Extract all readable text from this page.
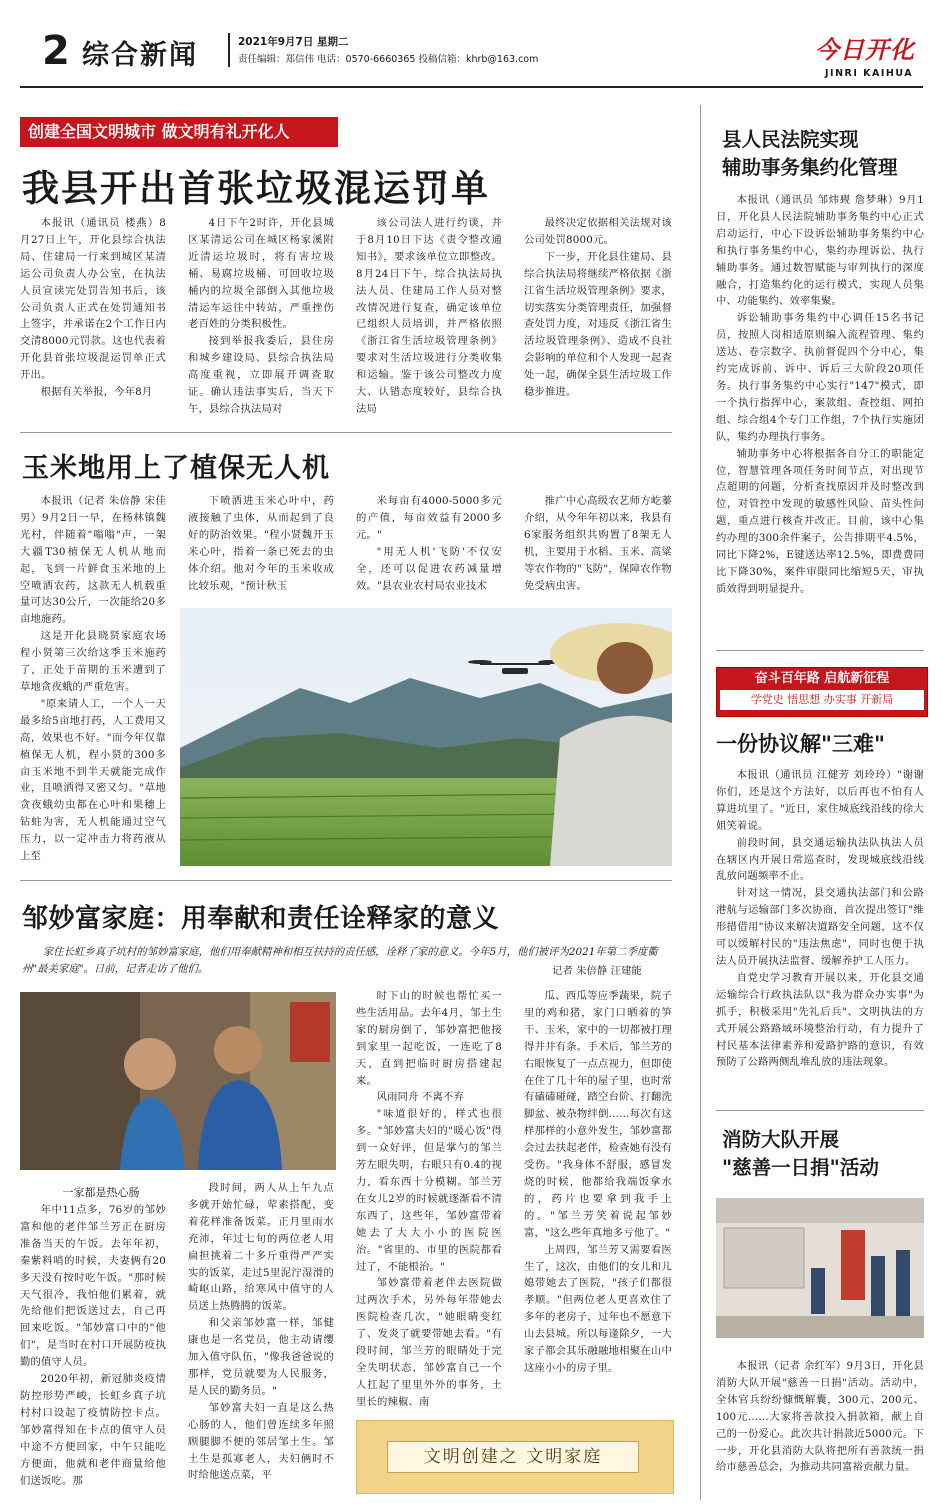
2 综合新闻	2021年9月7日 星期二
责任编辑：郑信伟 电话：0570-6660365 投稿信箱：khrb@163.com	今日开化
JINRI KAIHUA
创建全国文明城市 做文明有礼开化人
我县开出首张垃圾混运罚单

本报讯（通讯员 楼燕）8月27日上午，开化县综合执法局、住建局一行来到城区某清运公司负责人办公室，在执法人员宣读完处罚告知书后，该公司负责人正式在处罚通知书上签字，并承诺在2个工作日内交清8000元罚款。这也代表着开化县首张垃圾混运罚单正式开出。

根据有关举报，今年8月

4日下午2时许，开化县城区某清运公司在城区杨家溪附近清运垃圾时，将有害垃圾桶、易腐垃圾桶、可回收垃圾桶内的垃圾全部倒入其他垃圾清运车运往中转站，严重挫伤老百姓的分类积极性。

接到举报我委后，县住房和城乡建设局、县综合执法局高度重视，立即展开调查取证。确认违法事实后，当天下午，县综合执法局对

该公司法人进行约谈，并于8月10日下达《责令整改通知书》，要求该单位立即整改。8月24日下午，综合执法局执法人员、住建局工作人员对整改情况进行复查，确定该单位已组织人员培训，并严格依照《浙江省生活垃圾管理条例》要求对生活垃圾进行分类收集和运输。鉴于该公司整改力度大、认错态度较好，县综合执法局

最终决定依据相关法规对该公司处罚8000元。

下一步，开化县住建局、县综合执法局将继续严格依据《浙江省生活垃圾管理条例》要求，切实落实分类管理责任，加强督查处罚力度，对违反《浙江省生活垃圾管理条例》、造成不良社会影响的单位和个人发现一起查处一起，确保全县生活垃圾工作稳步推进。

玉米地用上了植保无人机

本报讯（记者 朱倍静 宋佳男）9月2日一早，在杨林镇魏光村，伴随着"嗡嗡"声，一架大疆T30植保无人机从地而起，飞到一片鲜食玉米地的上空喷洒农药，这款无人机载重量可达30公斤，一次能给20多亩地施药。

这是开化县晓贤家庭农场程小贤第三次给这季玉米施药了，正处于苗期的玉米遭到了草地贪夜蛾的严重危害。

"原来请人工，一个人一天最多给5亩地打药，人工费用又高，效果也不好。"而今年仅靠植保无人机，程小贤的300多亩玉米地不到半天就能完成作业，且喷洒得又密又匀。"草地贪夜蛾幼虫都在心叶和果穗上钻蛀为害，无人机能通过空气压力，以一定冲击力将药液从上至

下喷洒进玉米心叶中，药液接触了虫体，从而起到了良好的防治效果。"程小贤魏开玉米心叶，指着一条已死去的虫体介绍。他对今年的玉米收成比较乐观，"预计秋玉

米每亩有4000-5000多元的产值，每亩效益有2000多元。"

"用无人机'飞防'不仅安全，还可以促进农药减量增效。"县农业农村局农业技术

推广中心高级农艺师方屹蓁介绍，从今年年初以来，我县有6家服务组织共购置了8架无人机，主要用于水稻、玉米、高粱等农作物的"飞防"，保障农作物免受病虫害。

邹妙富家庭：用奉献和责任诠释家的意义
家住长虹乡真子坑村的邹妙富家庭，他们用奉献精神和相互扶持的责任感，诠释了家的意义。今年5月，他们被评为2021年第二季度衢州"最美家庭"。日前，记者走访了他们。	记者 朱倍静 汪建能
一家都是热心肠

年中11点多，76岁的邹妙富和他的老伴邹兰芳正在厨房准备当天的午饭。去年年初，秦紫料哨的时候，夫妻俩有20多天没有按时吃午饭。"那时候天气很冷，我怕他们累着，就先给他们把饭送过去，自己再回来吃饭。"邹妙富口中的"他们"，是当时在村口开展防疫执勤的值守人员。

2020年初，新冠肺炎疫情防控形势严峻，长虹乡真子坑村村口设起了疫情防控卡点。邹妙富得知在卡点的值守人员中途不方便回家，中午只能吃方便面，他就和老伴商量给他们送饭吃。那

段时间，两人从上午九点多就开始忙碌，荤素搭配，变着花样准备饭菜。正月里雨水充沛，年过七旬的两位老人用扁担挑着二十多斤重得严严实实的饭菜，走过5里泥泞湿滑的崎岖山路，给寒风中值守的人员送上热腾腾的饭菜。

和父亲邹妙富一样，邹健康也是一名党员，他主动请缨加入值守队伍，"像我爸爸说的那样，党员就要为人民服务，是人民的勤务员。"

邹妙富夫妇一直是这么热心肠的人，他们曾连续多年照顾腿脚不便的邻居邹土生。邹土生是孤寡老人，夫妇俩时不时给他送点菜，平

时下山的时候也帮忙买一些生活用品。去年4月，邹土生家的厨房倒了，邹妙富把他接到家里一起吃饭，一连吃了8天，直到把临时厨房搭建起来。

风雨同舟 不离不弃

"味道很好的，样式也很多。"邹妙富夫妇的"暖心饭"得到一众好评，但是掌勺的邹兰芳左眼失明，右眼只有0.4的视力，看东西十分模糊。邹兰芳在女儿2岁的时候就逐渐看不清东西了，这些年，邹妙富带着她去了大大小小的医院医治。"省里的、市里的医院都看过了，不能根治。"

邹妙富带着老伴去医院做过两次手术，另外每年带她去医院检查几次，"她眼睛变红了、发炎了就要带她去看。"有段时间，邹兰芳的眼睛处于完全失明状态，邹妙富自己一个人扛起了里里外外的事务，土里长的辣椒、南

瓜、西瓜等应季蔬果，院子里的鸡和猪，家门口晒着的笋干、玉米，家中的一切都被打理得井井有条。手术后，邹兰芳的右眼恢复了一点点视力，但即使在住了几十年的屋子里，也时常有磕磕碰碰，踏空台阶、打翻洗脚盆、被杂物绊倒……每次有这样那样的小意外发生，邹妙富都会过去扶起老伴，检查她有没有受伤。"我身体不舒服，感冒发烧的时候，他都给我端饭拿水的，药片也要拿到我手上的。"邹兰芳笑着说起邹妙富，"这么些年真地多亏他了。"

上周四，邹兰芳又需要看医生了，这次，由他们的女儿和儿媳带她去了医院，"孩子们都很孝顺。"但两位老人更喜欢住了多年的老房子，过年也不愿意下山去县城。所以每逢除夕，一大家子都会其乐融融地相聚在山中这座小小的房子里。

文明创建之 文明家庭
县人民法院实现
辅助事务集约化管理

本报讯（通讯员 邹炜觋 詹梦琳）9月1日，开化县人民法院辅助事务集约中心正式启动运行，中心下设诉讼辅助事务集约中心和执行事务集约中心，集约办理诉讼、执行辅助事务。通过数智赋能与审判执行的深度融合，打造集约化的运行模式，实现人员集中、功能集约、效率集聚。

诉讼辅助事务集约中心调任15名书记员，按照人岗相适原则编入流程管理、集约送达、卷宗数字、执前督促四个分中心，集约完成诉前、诉中、诉后三大阶段20项任务。执行事务集约中心实行"147"模式，即一个执行指挥中心，案款组、查控组、网拍组、综合组4个专门工作组，7个执行实施团队，集约办理执行事务。

辅助事务中心将根据各自分工的职能定位，智慧管理各项任务时间节点，对出现节点超期的问题，分析查找原因并及时整改到位，对管控中发现的敏感性风险、苗头性问题，重点进行核查并改正。目前，该中心集约办理的300余件案子，公告排期平4.5%，同比下降2%，E键送达率12.5%，即费费同比下降30%，案件审限同比缩短5天，审执质效得到明显提升。

奋斗百年路 启航新征程
学党史 悟思想 办实事 开新局
一份协议解"三难"

本报讯（通讯员 江健芳 刘玲玲）"谢谢你们，还是这个方法好，以后再也不怕有人算进坑里了。"近日，家住城底线沿线的徐大姐笑着说。

前段时间，县交通运输执法队执法人员在辖区内开展日常巡查时，发现城底线沿线乱放问题频率不止。

针对这一情况，县交通执法部门和公路港航与运输部门多次协商，首次提出签订"维形措借用"协议来解决道路安全问题，这不仅可以缓解村民的"违法焦虑"，同时也便于执法人员开展执法监督、缓解养护工人压力。

自党史学习教育开展以来，开化县交通运输综合行政执法队以"我为群众办实事"为抓手，积极采用"先礼后兵"、文明执法的方式开展公路路域环境整治行动，有力提升了村民基本法律素养和爱路护路的意识，有效预防了公路两侧乱堆乱放的违法现象。

消防大队开展
"慈善一日捐"活动

本报讯（记者 余红军）9月3日，开化县消防大队开展"慈善一日捐"活动。活动中，全体官兵纷纷慷慨解囊，300元、200元、100元……大家将善款投入捐款箱，献上自己的一份爱心。此次共计捐款近5000元。下一步，开化县消防大队将把所有善款统一捐给市慈善总会，为推动共同富裕贡献力量。
